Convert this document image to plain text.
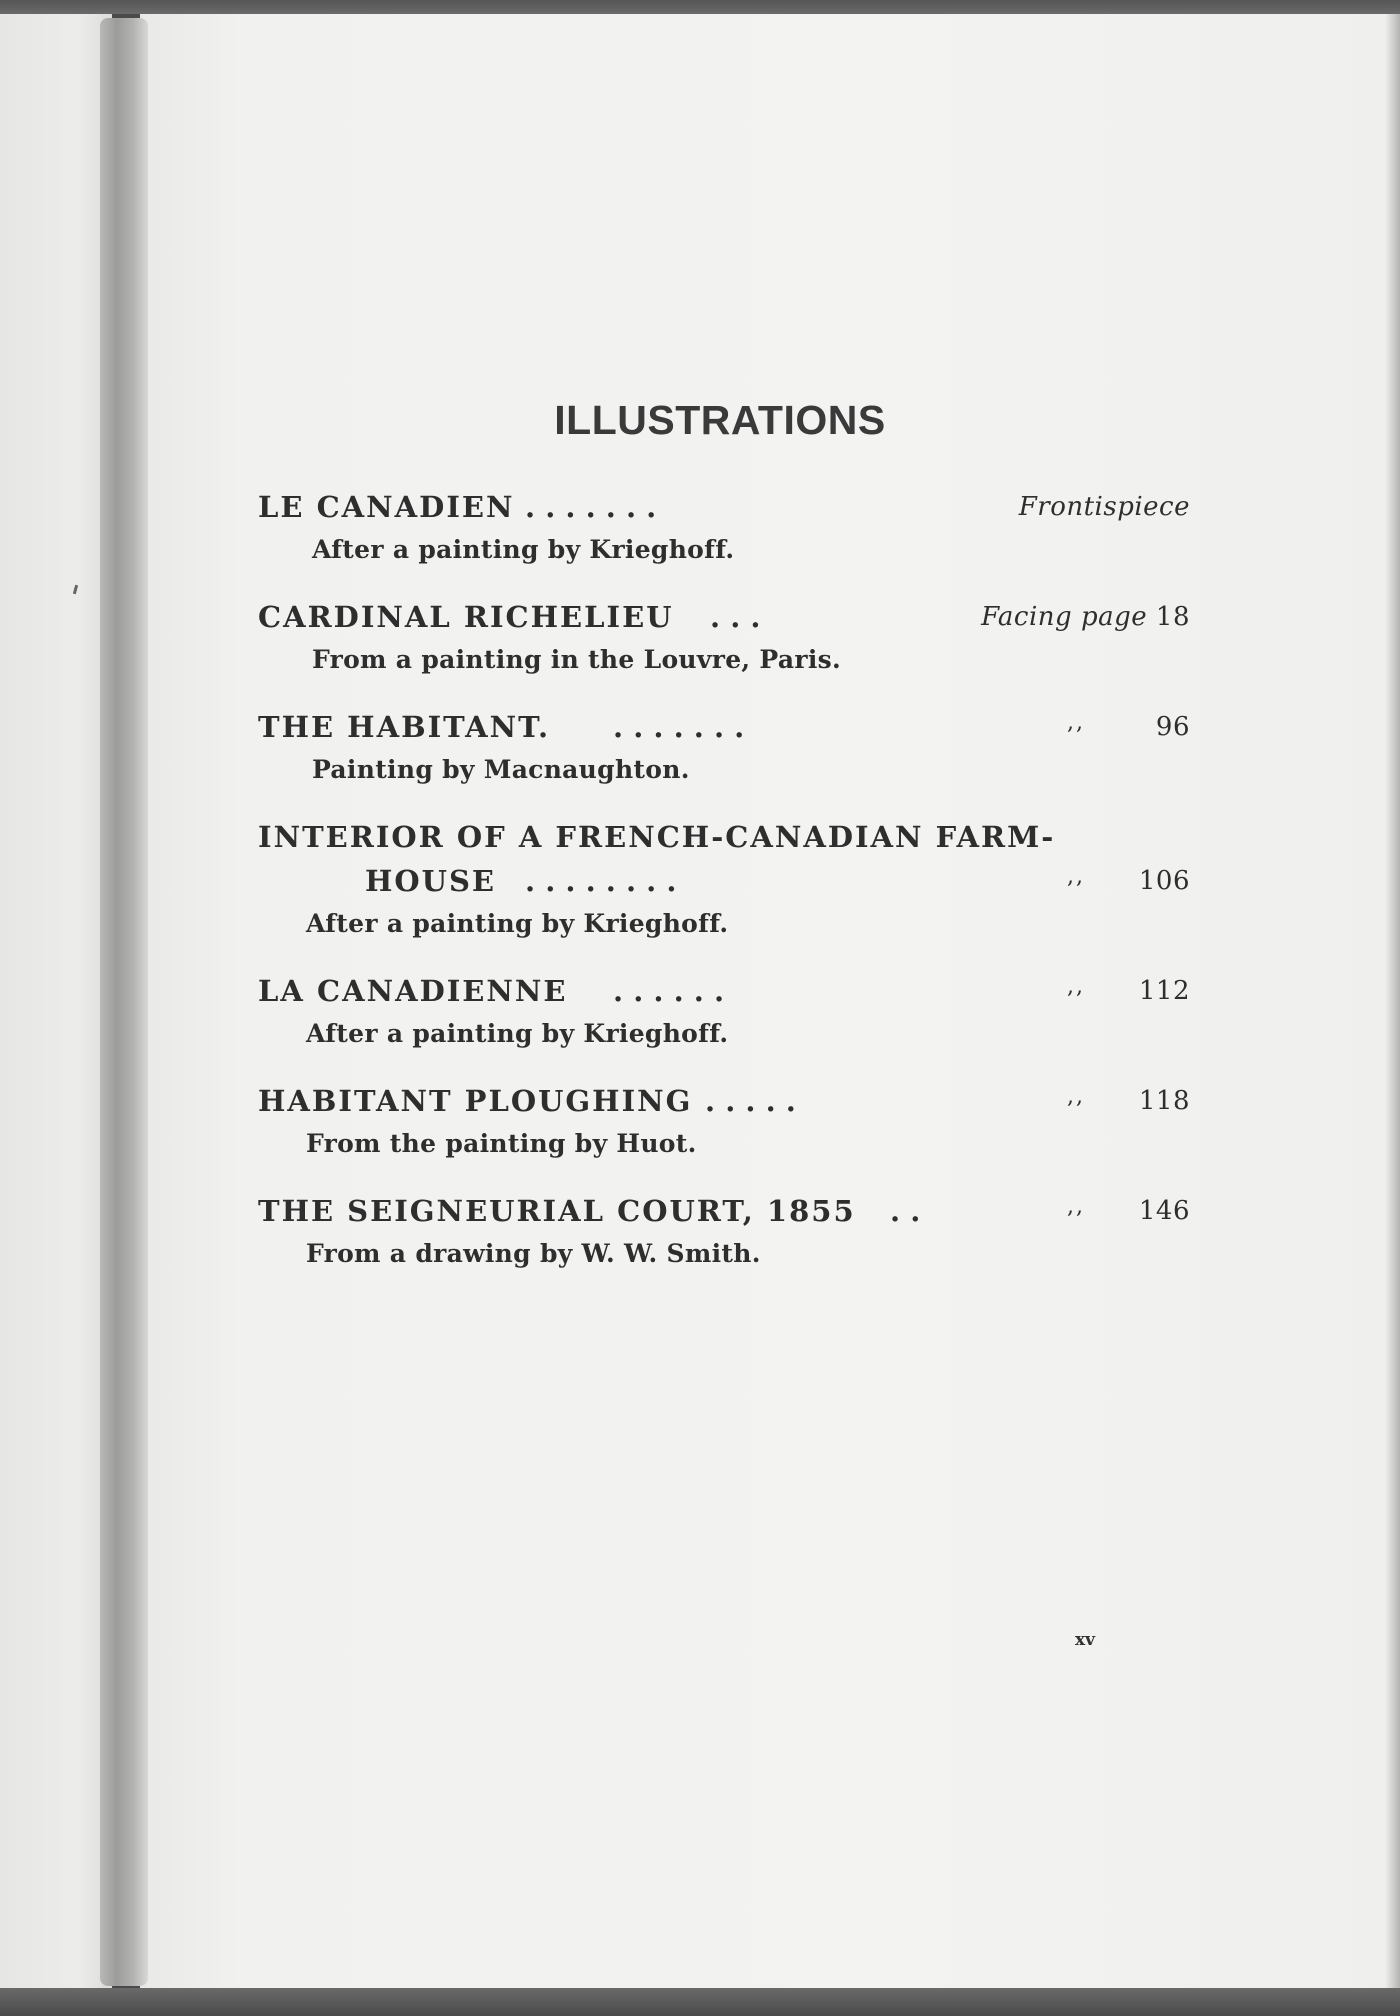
ILLUSTRATIONS
LE CANADIEN . . . . . . .	Frontispiece
After a painting by Krieghoff.
CARDINAL RICHELIEU . . .	Facing page 18
From a painting in the Louvre, Paris.
THE HABITANT. . . . . . . .	,,	96
Painting by Macnaughton.
INTERIOR OF A FRENCH-CANADIAN FARM-
HOUSE . . . . . . . .	,, 106
After a painting by Krieghoff.
LA CANADIENNE . . . . . .	,, 112
After a painting by Krieghoff.
HABITANT PLOUGHING . . . . .	,, 118
From the painting by Huot.
THE SEIGNEURIAL COURT, 1855 . .	,, 146
From a drawing by W. W. Smith.
xv
